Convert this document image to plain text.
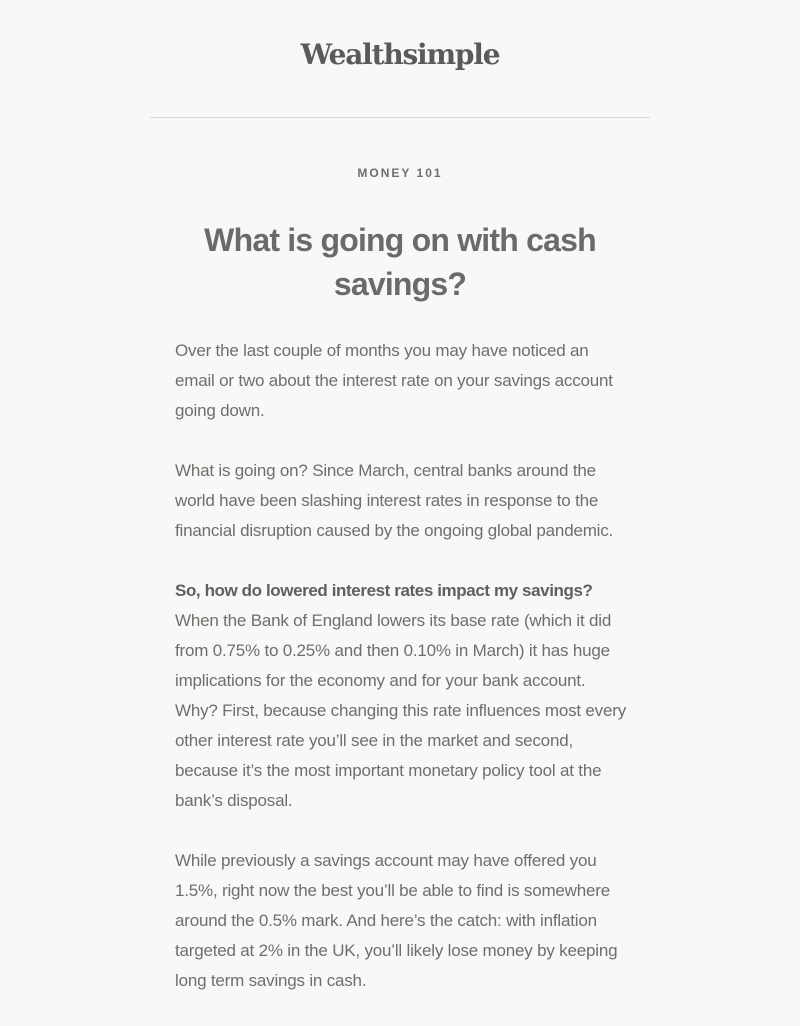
Wealthsimple
MONEY 101
What is going on with cash savings?

Over the last couple of months you may have noticed an email or two about the interest rate on your savings account going down.

What is going on? Since March, central banks around the world have been slashing interest rates in response to the financial disruption caused by the ongoing global pandemic.

So, how do lowered interest rates impact my savings?
When the Bank of England lowers its base rate (which it did from 0.75% to 0.25% and then 0.10% in March) it has huge implications for the economy and for your bank account. Why? First, because changing this rate influences most every other interest rate you’ll see in the market and second, because it’s the most important monetary policy tool at the bank’s disposal.

While previously a savings account may have offered you 1.5%, right now the best you’ll be able to find is somewhere around the 0.5% mark. And here’s the catch: with inflation targeted at 2% in the UK, you’ll likely lose money by keeping long term savings in cash.
